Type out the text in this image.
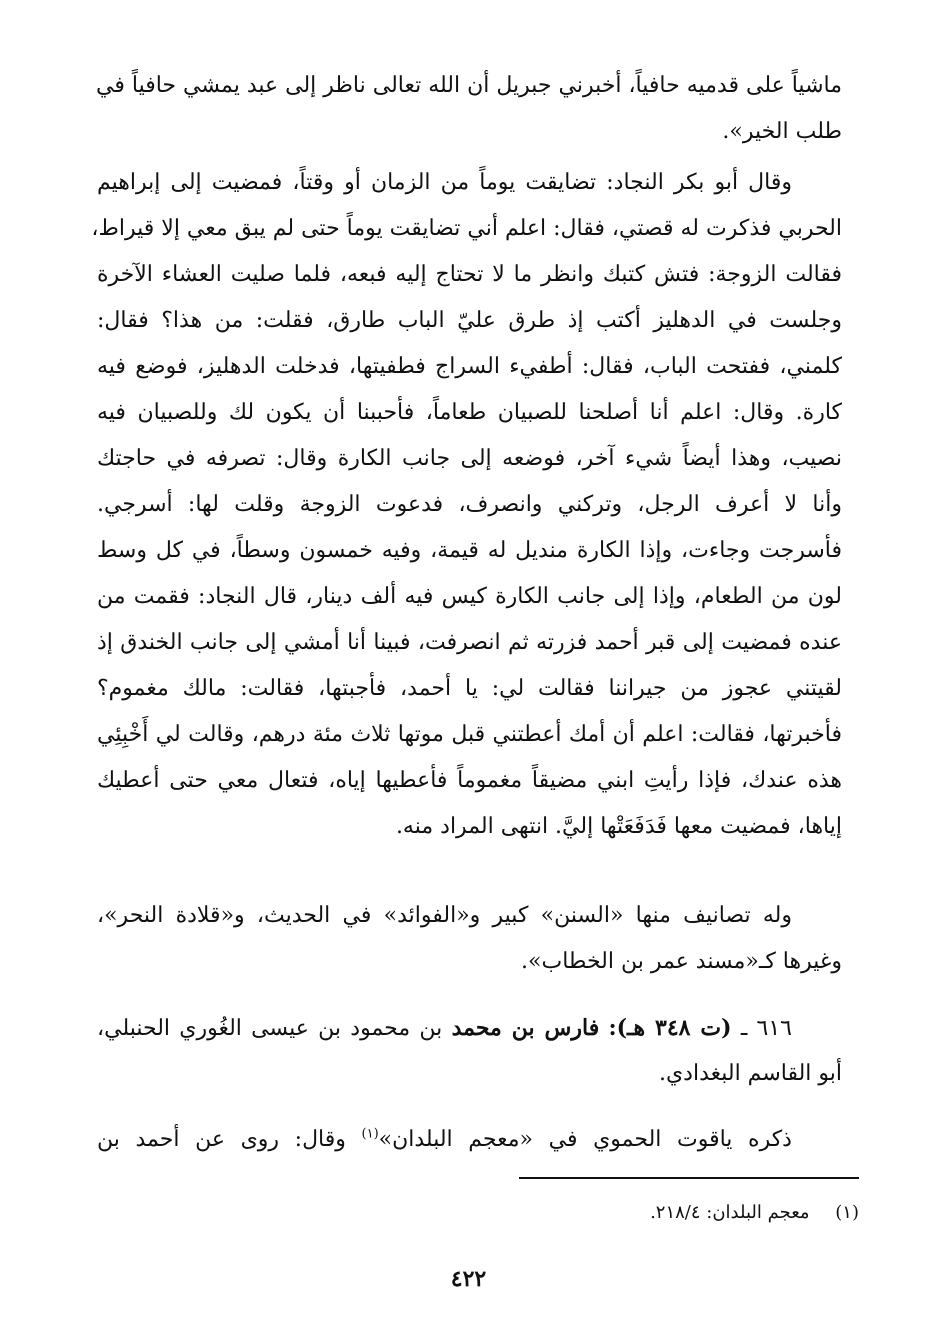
ماشياً على قدميه حافياً، أخبرني جبريل أن الله تعالى ناظر إلى عبد يمشي حافياً في
طلب الخير».
وقال أبو بكر النجاد: تضايقت يوماً من الزمان أو وقتاً، فمضيت إلى إبراهيم
الحربي فذكرت له قصتي، فقال: اعلم أني تضايقت يوماً حتى لم يبق معي إلا قيراط،
فقالت الزوجة: فتش كتبك وانظر ما لا تحتاج إليه فبعه، فلما صليت العشاء الآخرة
وجلست في الدهليز أكتب إذ طرق عليّ الباب طارق، فقلت: من هذا؟ فقال:
كلمني، ففتحت الباب، فقال: أطفيء السراج فطفيتها، فدخلت الدهليز، فوضع فيه
كارة. وقال: اعلم أنا أصلحنا للصبيان طعاماً، فأحببنا أن يكون لك وللصبيان فيه
نصيب، وهذا أيضاً شيء آخر، فوضعه إلى جانب الكارة وقال: تصرفه في حاجتك
وأنا لا أعرف الرجل، وتركني وانصرف، فدعوت الزوجة وقلت لها: أسرجي.
فأسرجت وجاءت، وإذا الكارة منديل له قيمة، وفيه خمسون وسطاً، في كل وسط
لون من الطعام، وإذا إلى جانب الكارة كيس فيه ألف دينار، قال النجاد: فقمت من
عنده فمضيت إلى قبر أحمد فزرته ثم انصرفت، فبينا أنا أمشي إلى جانب الخندق إذ
لقيتني عجوز من جيراننا فقالت لي: يا أحمد، فأجبتها، فقالت: مالك مغموم؟
فأخبرتها، فقالت: اعلم أن أمك أعطتني قبل موتها ثلاث مئة درهم، وقالت لي أَخْبِئِي
هذه عندك، فإذا رأيتِ ابني مضيقاً مغموماً فأعطيها إياه، فتعال معي حتى أعطيك
إياها، فمضيت معها فَدَفَعَتْها إليَّ. انتهى المراد منه.
وله تصانيف منها «السنن» كبير و«الفوائد» في الحديث، و«قلادة النحر»،
وغيرها كـ«مسند عمر بن الخطاب».
٦١٦ ـ (ت ٣٤٨ هـ): فارس بن محمد بن محمود بن عيسى الغُوري الحنبلي،
أبو القاسم البغدادي.
ذكره ياقوت الحموي في «معجم البلدان»$^{(١)}$ وقال: روى عن أحمد بن
(١) معجم البلدان: ٢١٨/٤.
٤٢٢
